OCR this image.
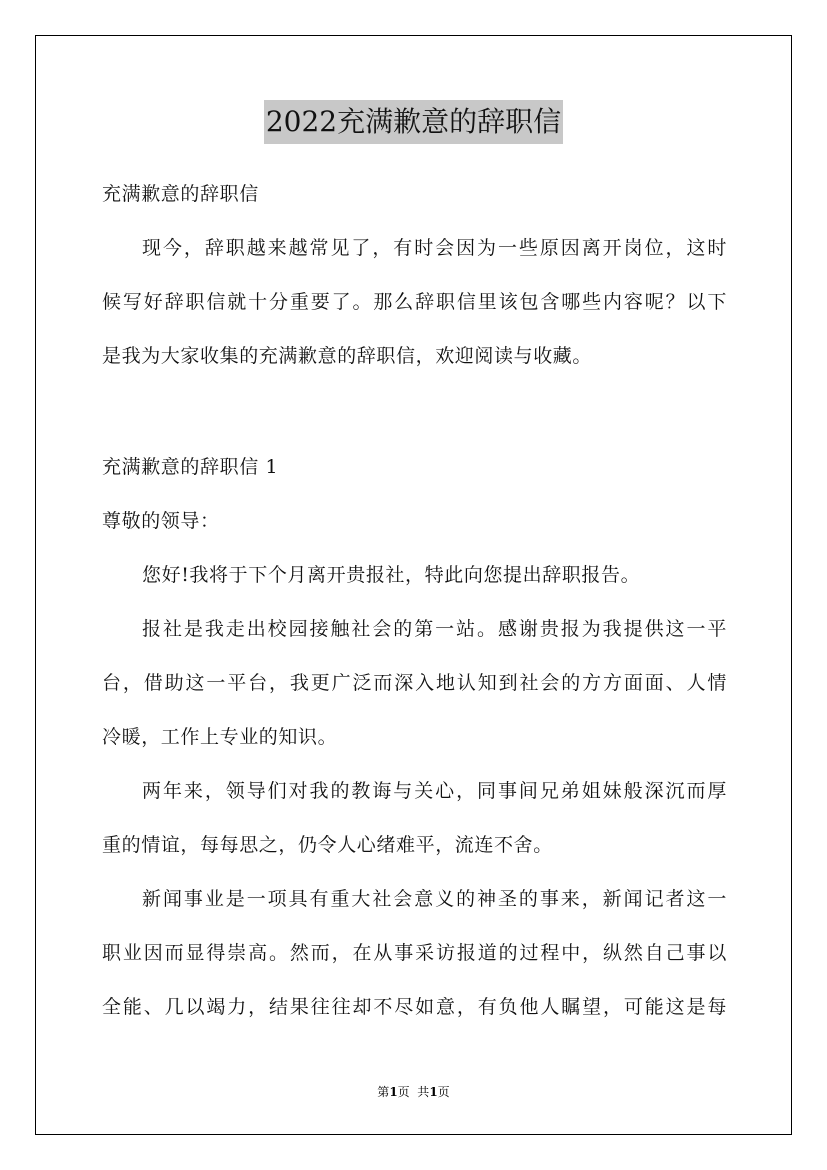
2022充满歉意的辞职信
充满歉意的辞职信
现今，辞职越来越常见了，有时会因为一些原因离开岗位，这时
候写好辞职信就十分重要了。那么辞职信里该包含哪些内容呢？以下
是我为大家收集的充满歉意的辞职信，欢迎阅读与收藏。
充满歉意的辞职信 1
尊敬的领导：
您好!我将于下个月离开贵报社，特此向您提出辞职报告。
报社是我走出校园接触社会的第一站。感谢贵报为我提供这一平
台，借助这一平台，我更广泛而深入地认知到社会的方方面面、人情
冷暖，工作上专业的知识。
两年来，领导们对我的教诲与关心，同事间兄弟姐妹般深沉而厚
重的情谊，每每思之，仍令人心绪难平，流连不舍。
新闻事业是一项具有重大社会意义的神圣的事来，新闻记者这一
职业因而显得崇高。然而，在从事采访报道的过程中，纵然自己事以
全能、几以竭力，结果往往却不尽如意，有负他人瞩望，可能这是每
第1页  共1页
